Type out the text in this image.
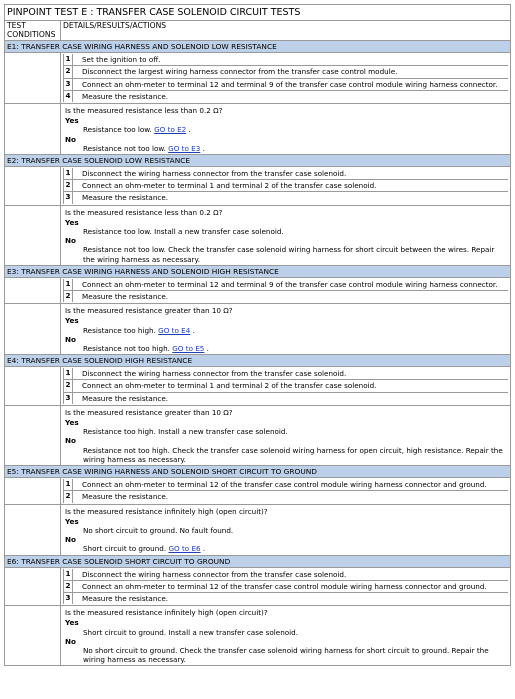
PINPOINT TEST E : TRANSFER CASE SOLENOID CIRCUIT TESTS
TEST CONDITIONS	DETAILS/RESULTS/ACTIONS
E1: TRANSFER CASE WIRING HARNESS AND SOLENOID LOW RESISTANCE

1	Set the ignition to off.
2	Disconnect the largest wiring harness connector from the transfer case control module.
3	Connect an ohm-meter to terminal 12 and terminal 9 of the transfer case control module wiring harness connector.
4	Measure the resistance.

Is the measured resistance less than 0.2 Ω?
Yes
Resistance too low. GO to E2 .
No
Resistance not too low. GO to E3 .

E2: TRANSFER CASE SOLENOID LOW RESISTANCE

1	Disconnect the wiring harness connector from the transfer case solenoid.
2	Connect an ohm-meter to terminal 1 and terminal 2 of the transfer case solenoid.
3	Measure the resistance.

Is the measured resistance less than 0.2 Ω?
Yes
Resistance too low. Install a new transfer case solenoid.
No
Resistance not too low. Check the transfer case solenoid wiring harness for short circuit between the wires. Repair the wiring harness as necessary.

E3: TRANSFER CASE WIRING HARNESS AND SOLENOID HIGH RESISTANCE

1	Connect an ohm-meter to terminal 12 and terminal 9 of the transfer case control module wiring harness connector.
2	Measure the resistance.

Is the measured resistance greater than 10 Ω?
Yes
Resistance too high. GO to E4 .
No
Resistance not too high. GO to E5 .

E4: TRANSFER CASE SOLENOID HIGH RESISTANCE

1	Disconnect the wiring harness connector from the transfer case solenoid.
2	Connect an ohm-meter to terminal 1 and terminal 2 of the transfer case solenoid.
3	Measure the resistance.

Is the measured resistance greater than 10 Ω?
Yes
Resistance too high. Install a new transfer case solenoid.
No
Resistance not too high. Check the transfer case solenoid wiring harness for open circuit, high resistance. Repair the wiring harness as necessary.

E5: TRANSFER CASE WIRING HARNESS AND SOLENOID SHORT CIRCUIT TO GROUND

1	Connect an ohm-meter to terminal 12 of the transfer case control module wiring harness connector and ground.
2	Measure the resistance.

Is the measured resistance infinitely high (open circuit)?
Yes
No short circuit to ground. No fault found.
No
Short circuit to ground. GO to E6 .

E6: TRANSFER CASE SOLENOID SHORT CIRCUIT TO GROUND

1	Disconnect the wiring harness connector from the transfer case solenoid.
2	Connect an ohm-meter to terminal 12 of the transfer case control module wiring harness connector and ground.
3	Measure the resistance.

Is the measured resistance infinitely high (open circuit)?
Yes
Short circuit to ground. Install a new transfer case solenoid.
No
No short circuit to ground. Check the transfer case solenoid wiring harness for short circuit to ground. Repair the wiring harness as necessary.
